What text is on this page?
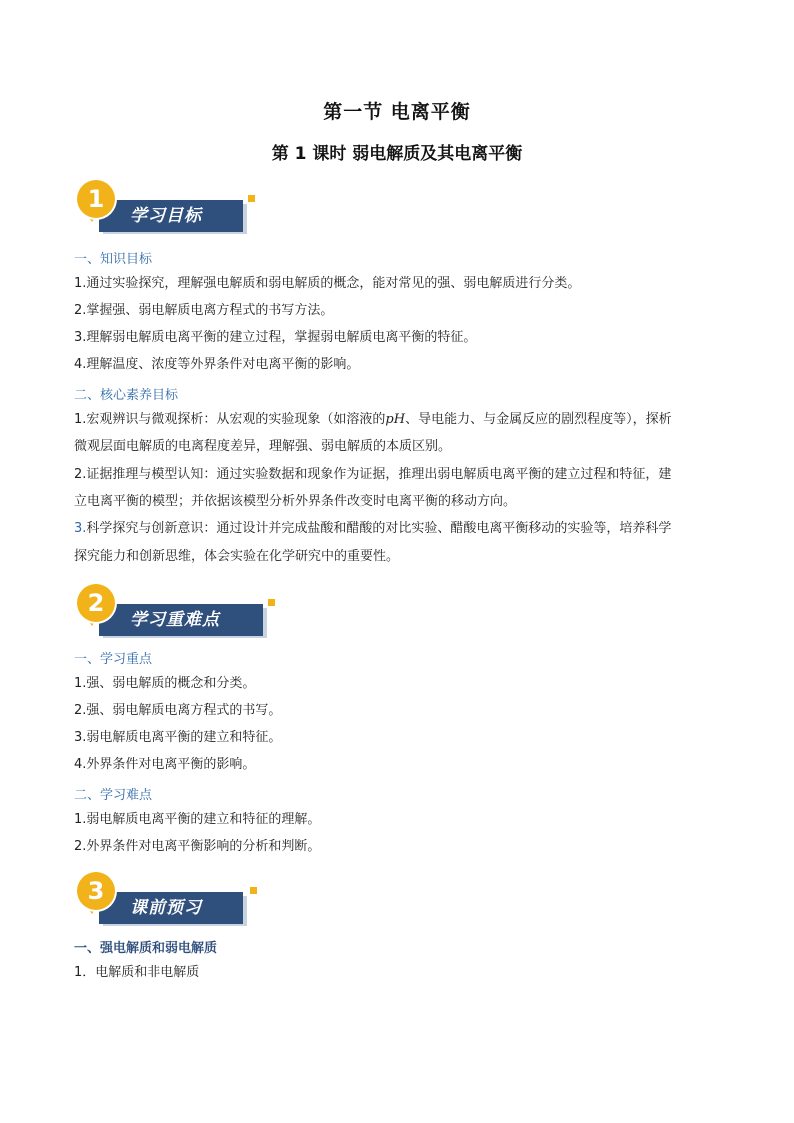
第一节 电离平衡
第 1 课时 弱电解质及其电离平衡
1
学习目标
一、知识目标
1.通过实验探究，理解强电解质和弱电解质的概念，能对常见的强、弱电解质进行分类。
2.掌握强、弱电解质电离方程式的书写方法。
3.理解弱电解质电离平衡的建立过程，掌握弱电解质电离平衡的特征。
4.理解温度、浓度等外界条件对电离平衡的影响。
二、核心素养目标
1.宏观辨识与微观探析：从宏观的实验现象（如溶液的pH、导电能力、与金属反应的剧烈程度等），探析
微观层面电解质的电离程度差异，理解强、弱电解质的本质区别。
2.证据推理与模型认知：通过实验数据和现象作为证据，推理出弱电解质电离平衡的建立过程和特征，建
立电离平衡的模型；并依据该模型分析外界条件改变时电离平衡的移动方向。
3.科学探究与创新意识：通过设计并完成盐酸和醋酸的对比实验、醋酸电离平衡移动的实验等，培养科学
探究能力和创新思维，体会实验在化学研究中的重要性。
2
学习重难点
一、学习重点
1.强、弱电解质的概念和分类。
2.强、弱电解质电离方程式的书写。
3.弱电解质电离平衡的建立和特征。
4.外界条件对电离平衡的影响。
二、学习难点
1.弱电解质电离平衡的建立和特征的理解。
2.外界条件对电离平衡影响的分析和判断。
3
课前预习
一、强电解质和弱电解质
1．电解质和非电解质
